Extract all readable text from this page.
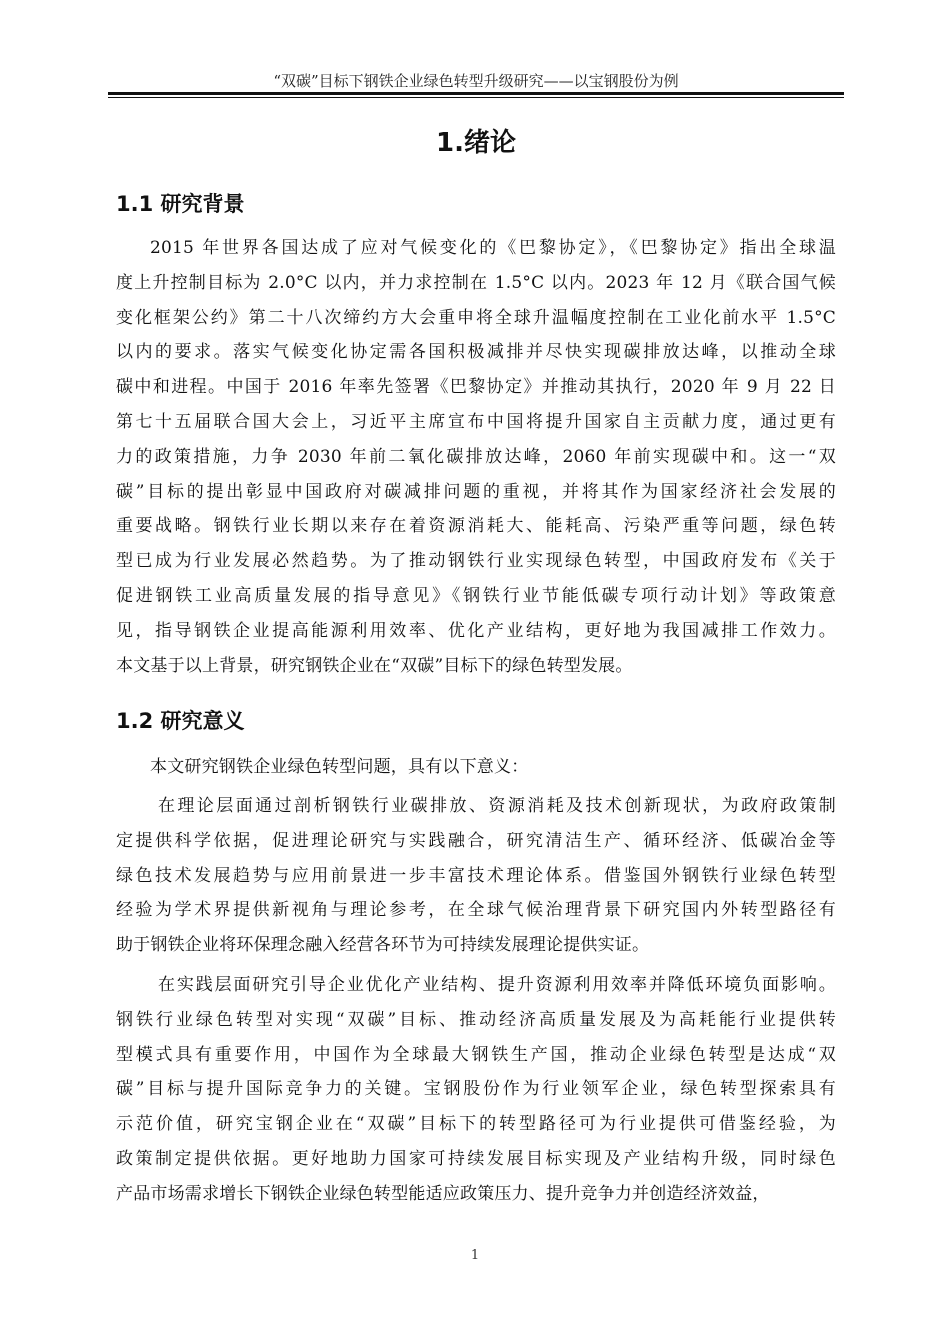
“双碳”目标下钢铁企业绿色转型升级研究——以宝钢股份为例
1.绪论
1.1 研究背景
2015 年世界各国达成了应对气候变化的《巴黎协定》，《巴黎协定》指出全球温
度上升控制目标为 2.0°C 以内，并力求控制在 1.5°C 以内。2023 年 12 月《联合国气候
变化框架公约》第二十八次缔约方大会重申将全球升温幅度控制在工业化前水平 1.5°C
以内的要求。落实气候变化协定需各国积极减排并尽快实现碳排放达峰，以推动全球
碳中和进程。中国于 2016 年率先签署《巴黎协定》并推动其执行，2020 年 9 月 22 日
第七十五届联合国大会上，习近平主席宣布中国将提升国家自主贡献力度，通过更有
力的政策措施，力争 2030 年前二氧化碳排放达峰，2060 年前实现碳中和。这一“双
碳”目标的提出彰显中国政府对碳减排问题的重视，并将其作为国家经济社会发展的
重要战略。钢铁行业长期以来存在着资源消耗大、能耗高、污染严重等问题，绿色转
型已成为行业发展必然趋势。为了推动钢铁行业实现绿色转型，中国政府发布《关于
促进钢铁工业高质量发展的指导意见》《钢铁行业节能低碳专项行动计划》等政策意
见，指导钢铁企业提高能源利用效率、优化产业结构，更好地为我国减排工作效力。
本文基于以上背景，研究钢铁企业在“双碳”目标下的绿色转型发展。
1.2 研究意义
本文研究钢铁企业绿色转型问题，具有以下意义：
在理论层面通过剖析钢铁行业碳排放、资源消耗及技术创新现状，为政府政策制
定提供科学依据，促进理论研究与实践融合，研究清洁生产、循环经济、低碳冶金等
绿色技术发展趋势与应用前景进一步丰富技术理论体系。借鉴国外钢铁行业绿色转型
经验为学术界提供新视角与理论参考，在全球气候治理背景下研究国内外转型路径有
助于钢铁企业将环保理念融入经营各环节为可持续发展理论提供实证。
在实践层面研究引导企业优化产业结构、提升资源利用效率并降低环境负面影响。
钢铁行业绿色转型对实现“双碳”目标、推动经济高质量发展及为高耗能行业提供转
型模式具有重要作用，中国作为全球最大钢铁生产国，推动企业绿色转型是达成“双
碳”目标与提升国际竞争力的关键。宝钢股份作为行业领军企业，绿色转型探索具有
示范价值，研究宝钢企业在“双碳”目标下的转型路径可为行业提供可借鉴经验，为
政策制定提供依据。更好地助力国家可持续发展目标实现及产业结构升级，同时绿色
产品市场需求增长下钢铁企业绿色转型能适应政策压力、提升竞争力并创造经济效益，
1
